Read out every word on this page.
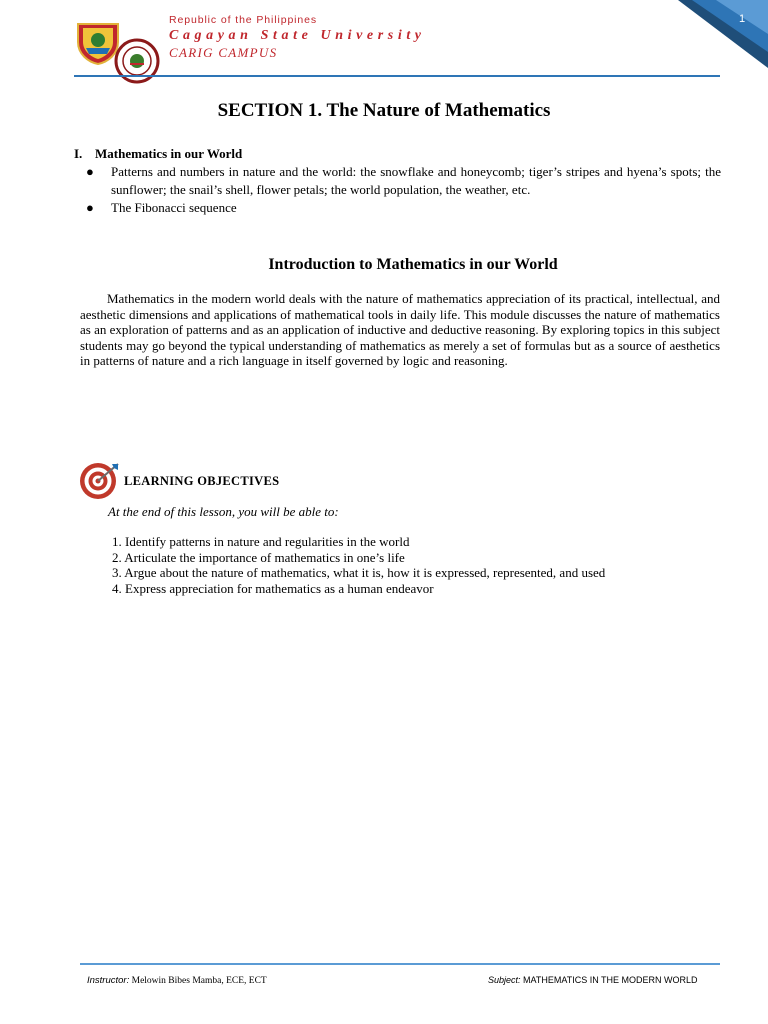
Republic of the Philippines
Cagayan State University
CARIG CAMPUS
1
SECTION 1. The Nature of Mathematics
I. Mathematics in our World
● Patterns and numbers in nature and the world: the snowflake and honeycomb; tiger’s stripes and hyena’s spots; the sunflower; the snail’s shell, flower petals; the world population, the weather, etc.
● The Fibonacci sequence
Introduction to Mathematics in our World

Mathematics in the modern world deals with the nature of mathematics appreciation of its practical, intellectual, and aesthetic dimensions and applications of mathematical tools in daily life. This module discusses the nature of mathematics as an exploration of patterns and as an application of inductive and deductive reasoning. By exploring topics in this subject students may go beyond the typical understanding of mathematics as merely a set of formulas but as a source of aesthetics in patterns of nature and a rich language in itself governed by logic and reasoning.

LEARNING OBJECTIVES
At the end of this lesson, you will be able to:
1. Identify patterns in nature and regularities in the world
2. Articulate the importance of mathematics in one’s life
3. Argue about the nature of mathematics, what it is, how it is expressed, represented, and used
4. Express appreciation for mathematics as a human endeavor
Instructor: Melowin Bibes Mamba, ECE, ECT	Subject: MATHEMATICS IN THE MODERN WORLD
